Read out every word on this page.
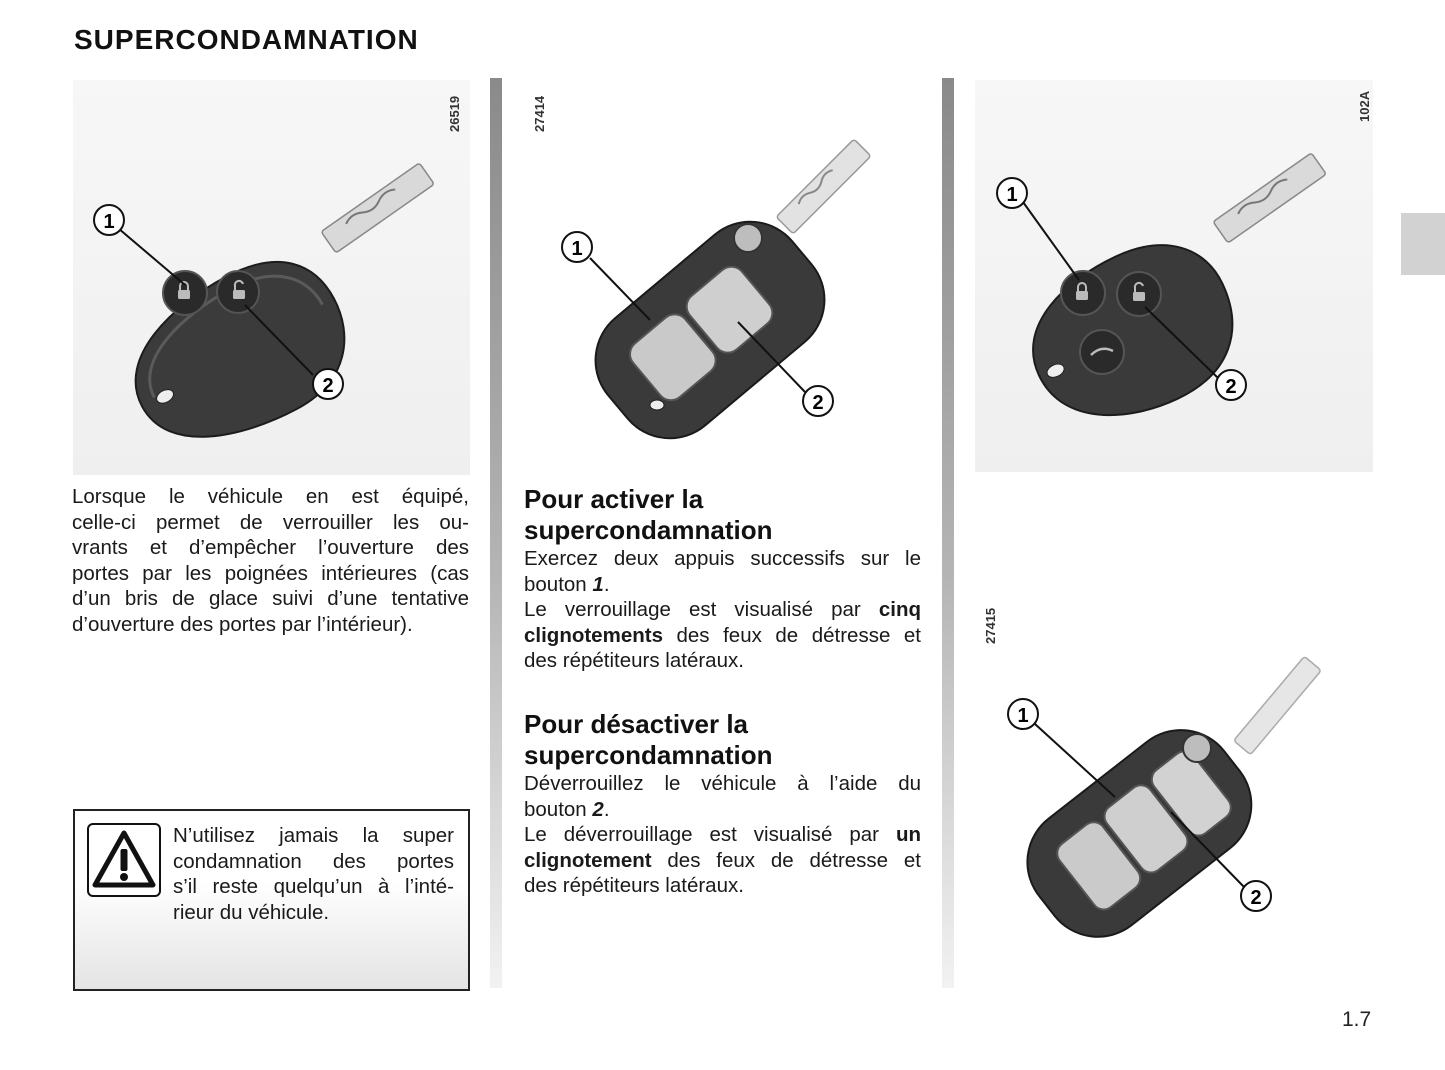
SUPERCONDAMNATION
1
2
26519
1
2
27414
1
2
102A
1
2
27415
Lorsque le véhicule en est équipé,
celle-ci permet de verrouiller les ou-
vrants et d’empêcher l’ouverture des
portes par les poignées intérieures (cas
d’un bris de glace suivi d’une tentative
d’ouverture des portes par l’intérieur).
N’utilisez jamais la super
condamnation des portes
s’il reste quelqu’un à l’inté-
rieur du véhicule.
Pour activer la
supercondamnation
Exercez deux appuis successifs sur le
bouton 1.
Le verrouillage est visualisé par cinq
clignotements des feux de détresse et
des répétiteurs latéraux.
Pour désactiver la
supercondamnation
Déverrouillez le véhicule à l’aide du
bouton 2.
Le déverrouillage est visualisé par un
clignotement des feux de détresse et
des répétiteurs latéraux.
1.7
